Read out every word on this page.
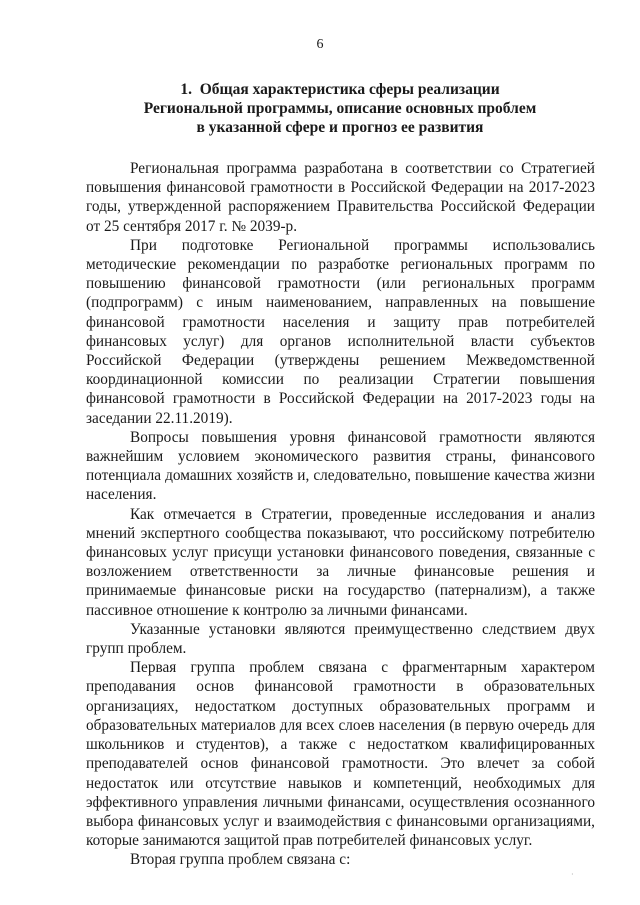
6
1.  Общая характеристика сферы реализации
Региональной программы, описание основных проблем
в указанной сфере и прогноз ее развития

Региональная программа разработана в соответствии со Стратегией повышения финансовой грамотности в Российской Федерации на 2017-2023 годы, утвержденной распоряжением Правительства Российской Федерации от 25 сентября 2017 г. № 2039-р.

При подготовке Региональной программы использовались методические рекомендации по разработке региональных программ по повышению финансовой грамотности (или региональных программ (подпрограмм) с иным наименованием, направленных на повышение финансовой грамотности населения и защиту прав потребителей финансовых услуг) для органов исполнительной власти субъектов Российской Федерации (утверждены решением Межведомственной координационной комиссии по реализации Стратегии повышения финансовой грамотности в Российской Федерации на 2017-2023 годы на заседании 22.11.2019).

Вопросы повышения уровня финансовой грамотности являются важнейшим условием экономического развития страны, финансового потенциала домашних хозяйств и, следовательно, повышение качества жизни населения.

Как отмечается в Стратегии, проведенные исследования и анализ мнений экспертного сообщества показывают, что российскому потребителю финансовых услуг присущи установки финансового поведения, связанные с возложением ответственности за личные финансовые решения и принимаемые финансовые риски на государство (патернализм), а также пассивное отношение к контролю за личными финансами.

Указанные установки являются преимущественно следствием двух групп проблем.

Первая группа проблем связана с фрагментарным характером преподавания основ финансовой грамотности в образовательных организациях, недостатком доступных образовательных программ и образовательных материалов для всех слоев населения (в первую очередь для школьников и студентов), а также с недостатком квалифицированных преподавателей основ финансовой грамотности. Это влечет за собой недостаток или отсутствие навыков и компетенций, необходимых для эффективного управления личными финансами, осуществления осознанного выбора финансовых услуг и взаимодействия с финансовыми организациями, которые занимаются защитой прав потребителей финансовых услуг.

Вторая группа проблем связана с:

·
